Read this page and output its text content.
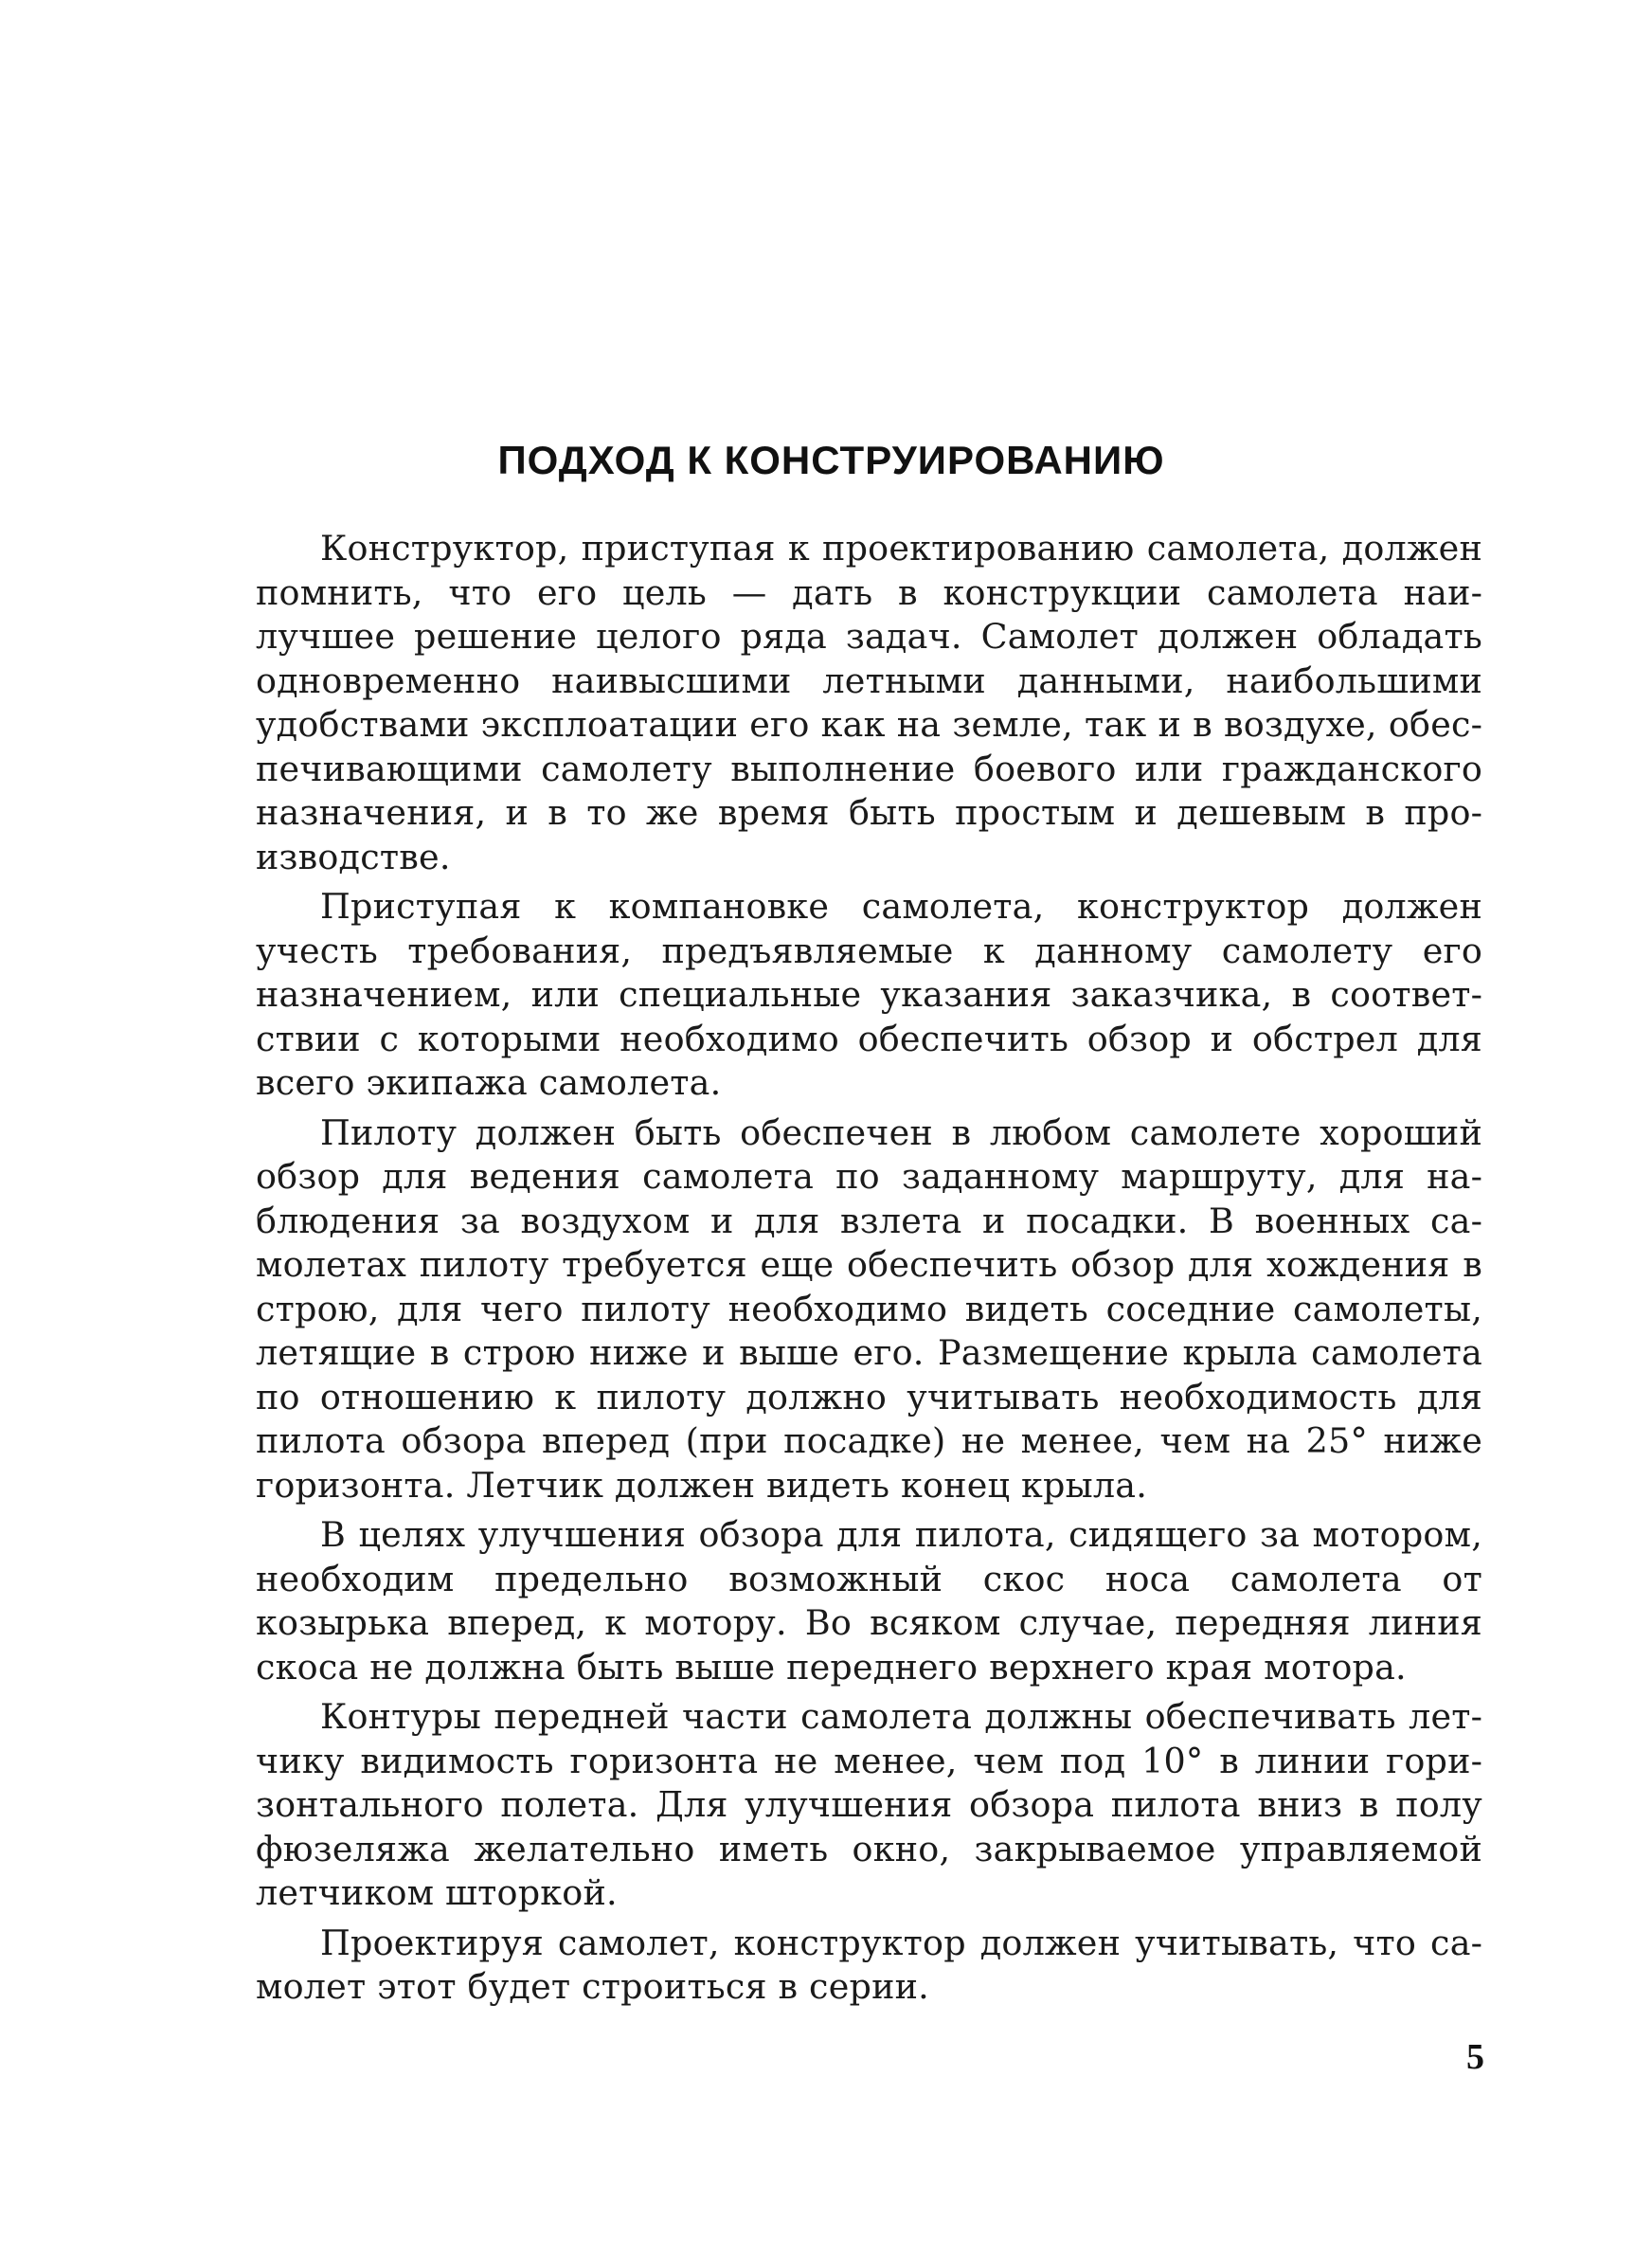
ПОДХОД К КОНСТРУИРОВАНИЮ

Конструктор, приступая к проектированию самолета, должен помнить, что его цель — дать в конструкции самолета наилучшее решение целого ряда задач. Самолет должен обладать одновременно наивысшими летными данными, наибольшими удобствами эксплоатации его как на земле, так и в воздухе, обеспечивающими самолету выполнение боевого или гражданского назначения, и в то же время быть простым и дешевым в производстве.

Приступая к компановке самолета, конструктор должен учесть требования, предъявляемые к данному самолету его назначением, или специальные указания заказчика, в соответствии с которыми необходимо обеспечить обзор и обстрел для всего экипажа самолета.

Пилоту должен быть обеспечен в любом самолете хороший обзор для ведения самолета по заданному маршруту, для наблюдения за воздухом и для взлета и посадки. В военных самолетах пилоту требуется еще обеспечить обзор для хождения в строю, для чего пилоту необходимо видеть соседние самолеты, летящие в строю ниже и выше его. Размещение крыла самолета по отношению к пилоту должно учитывать необходимость для пилота обзора вперед (при посадке) не менее, чем на 25° ниже горизонта. Летчик должен видеть конец крыла.

В целях улучшения обзора для пилота, сидящего за мотором, необходим предельно возможный скос носа самолета от козырька вперед, к мотору. Во всяком случае, передняя линия скоса не должна быть выше переднего верхнего края мотора.

Контуры передней части самолета должны обеспечивать летчику видимость горизонта не менее, чем под 10° в линии горизонтального полета. Для улучшения обзора пилота вниз в полу фюзеляжа желательно иметь окно, закрываемое управляемой летчиком шторкой.

Проектируя самолет, конструктор должен учитывать, что самолет этот будет строиться в серии.

5
